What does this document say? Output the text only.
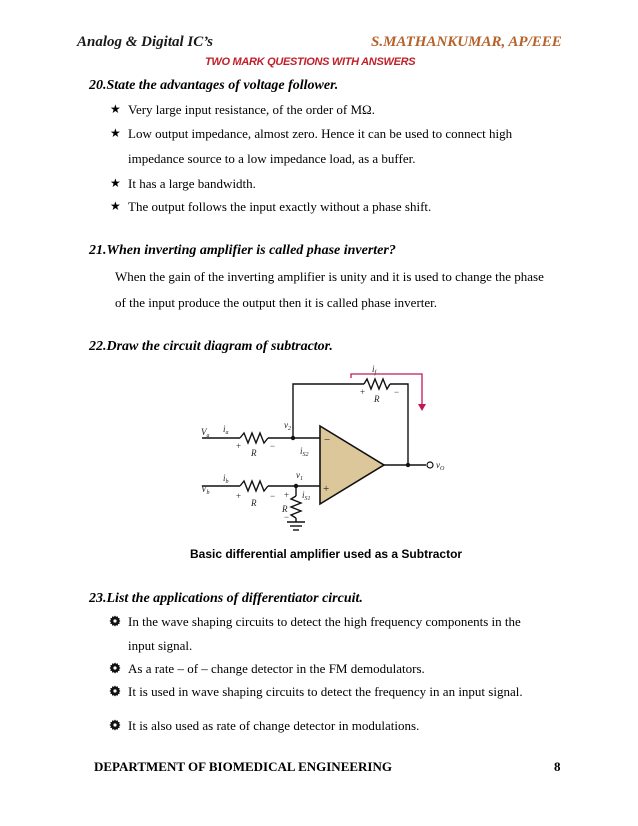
Analog & Digital IC’s	S.MATHANKUMAR, AP/EEE
TWO MARK QUESTIONS WITH ANSWERS
20.State the advantages of voltage follower.
★ Very large input resistance, of the order of MΩ.
★ Low output impedance, almost zero. Hence it can be used to connect high
impedance source to a low impedance load, as a buffer.
★ It has a large bandwidth.
★ The output follows the input exactly without a phase shift.
21.When inverting amplifier is called phase inverter?
When the gain of the inverting amplifier is unity and it is used to change the phase
of the input produce the output then it is called phase inverter.
22.Draw the circuit diagram of subtractor.
$i_f$
R
+	−
$V_a$
$i_a$
+	−
R
$v_2$
$i_{S2}$
−
+
$V_b$
$i_b$
+	−
R
$v_1$
$i_{S1}$
+
R
−
$v_O$
Basic differential amplifier used as a Subtractor
23.List the applications of differentiator circuit.
In the wave shaping circuits to detect the high frequency components in the
input signal.
As a rate – of – change detector in the FM demodulators.
It is used in wave shaping circuits to detect the frequency in an input signal.
It is also used as rate of change detector in modulations.
DEPARTMENT OF BIOMEDICAL ENGINEERING	8
